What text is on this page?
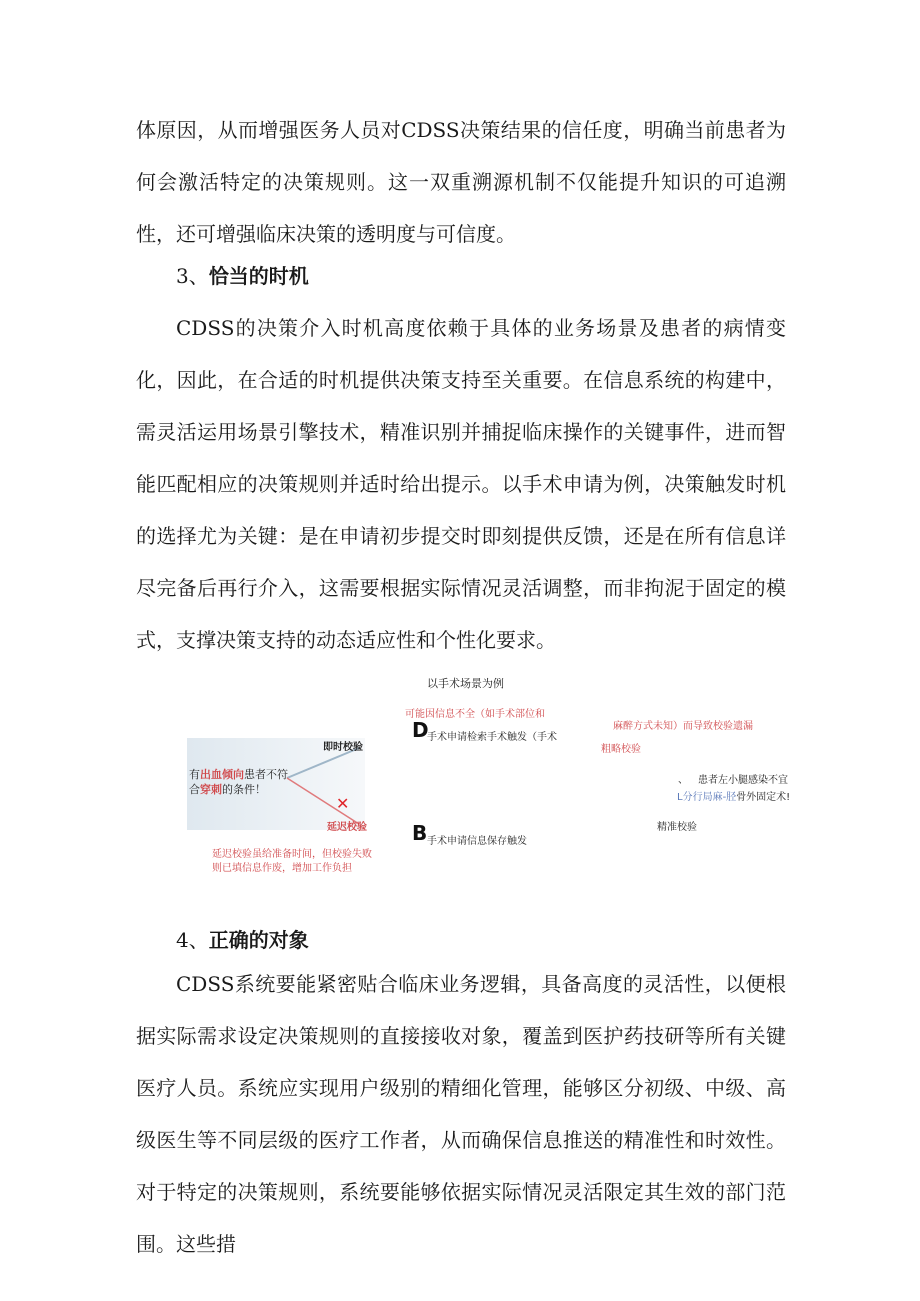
体原因，从而增强医务人员对CDSS决策结果的信任度，明确当前患者为何会激活特定的决策规则。这一双重溯源机制不仅能提升知识的可追溯性，还可增强临床决策的透明度与可信度。

3、恰当的时机

CDSS的决策介入时机高度依赖于具体的业务场景及患者的病情变化，因此，在合适的时机提供决策支持至关重要。在信息系统的构建中，需灵活运用场景引擎技术，精准识别并捕捉临床操作的关键事件，进而智能匹配相应的决策规则并适时给出提示。以手术申请为例，决策触发时机的选择尤为关键：是在申请初步提交时即刻提供反馈，还是在所有信息详尽完备后再行介入，这需要根据实际情况灵活调整，而非拘泥于固定的模式，支撑决策支持的动态适应性和个性化要求。

以手术场景为例
即时校验
延迟校验
有出血倾向患者不符
合穿刺的条件！
✕
延迟校验虽给准备时间，但校验失败
则已填信息作废，增加工作负担
可能因信息不全（如手术部位和
D
手术申请检索手术触发（手术
麻醉方式未知）而导致校验遗漏
粗略校验
、 患者左小腿感染不宜
L分行局麻-胫骨外固定术!
B 手术申请信息保存触发
精准校验

4、正确的对象

CDSS系统要能紧密贴合临床业务逻辑，具备高度的灵活性，以便根据实际需求设定决策规则的直接接收对象，覆盖到医护药技研等所有关键医疗人员。系统应实现用户级别的精细化管理，能够区分初级、中级、高级医生等不同层级的医疗工作者，从而确保信息推送的精准性和时效性。对于特定的决策规则，系统要能够依据实际情况灵活限定其生效的部门范围。这些措
